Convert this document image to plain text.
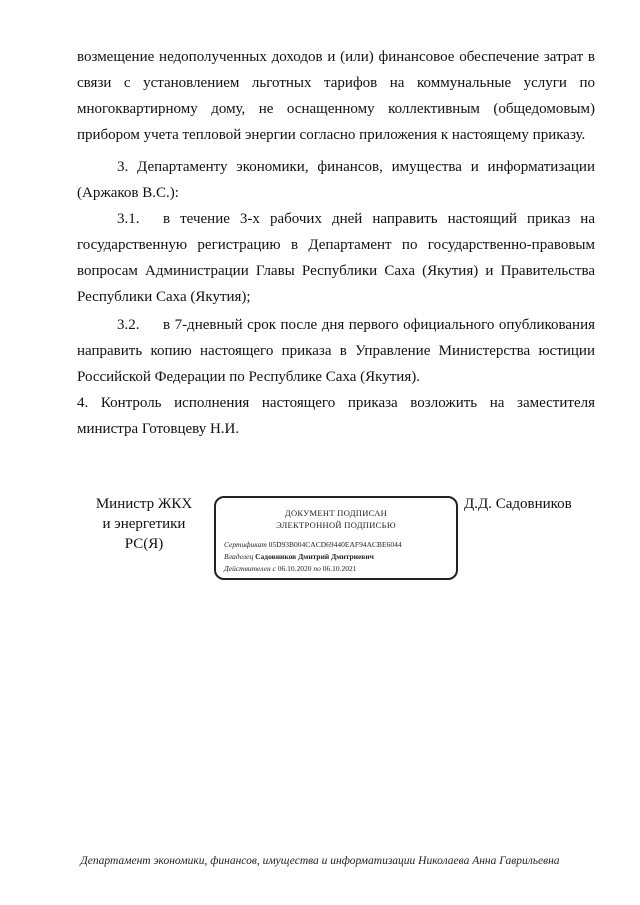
возмещение недополученных доходов и (или) финансовое обеспечение затрат в связи с установлением льготных тарифов на коммунальные услуги по многоквартирному дому, не оснащенному коллективным (общедомовым) прибором учета тепловой энергии согласно приложения к настоящему приказу.

3. Департаменту экономики, финансов, имущества и информатизации (Аржаков В.С.):

3.1. в течение 3-х рабочих дней направить настоящий приказ на государственную регистрацию в Департамент по государственно-правовым вопросам Администрации Главы Республики Саха (Якутия) и Правительства Республики Саха (Якутия);

3.2. в 7-дневный срок после дня первого официального опубликования направить копию настоящего приказа в Управление Министерства юстиции Российской Федерации по Республике Саха (Якутия).

4. Контроль исполнения настоящего приказа возложить на заместителя министра Готовцеву Н.И.

Министр ЖКХ
и энергетики
РС(Я)
ДОКУМЕНТ ПОДПИСАН
ЭЛЕКТРОННОЙ ПОДПИСЬЮ
Сертификат 05D93B004CACD69440EAF94ACBE6044
Владелец Садовников Дмитрий Дмитриевич
Действителен с 06.10.2020 по 06.10.2021
Д.Д. Садовников
Департамент экономики, финансов, имущества и информатизации Николаева Анна Гаврильевна
